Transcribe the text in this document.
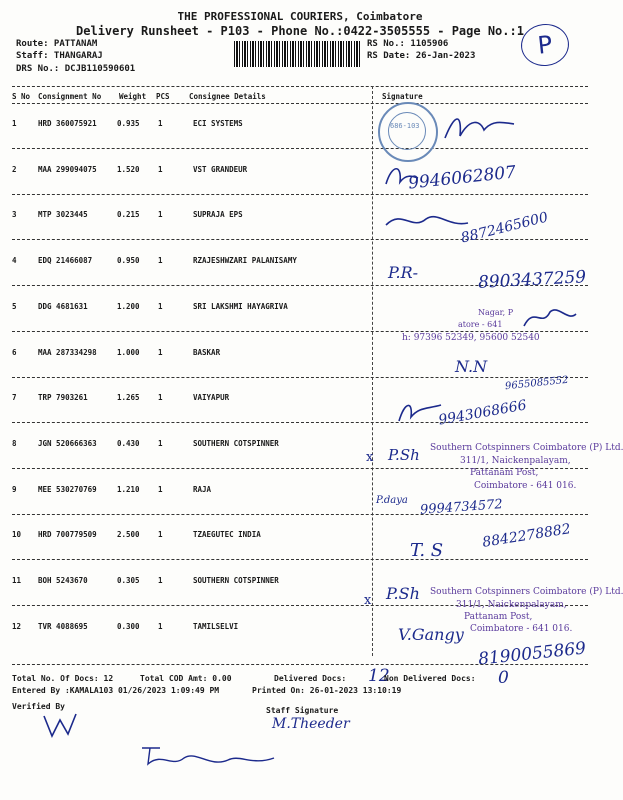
THE PROFESSIONAL COURIERS, Coimbatore
Delivery Runsheet - P103 - Phone No.:0422-3505555 - Page No.:1
Route: PATTANAM
Staff: THANGARAJ
DRS No.: DCJB110590601
RS No.: 1105906
RS Date: 26-Jan-2023	P
S No Consignment No Weight PCS	Consignee Details	Signature
1	HRD 360075921	0.935 1	ECI SYSTEMS
2	MAA 299094075	1.520 1	VST GRANDEUR
3	MTP 3023445	0.215 1	SUPRAJA EPS
4	EDQ 21466087	0.950 1	RZAJESHWZARI PALANISAMY
5	DDG 4681631	1.200 1	SRI LAKSHMI HAYAGRIVA
6	MAA 287334298	1.000 1	BASKAR
7	TRP 7903261	1.265 1	VAIYAPUR
8	JGN 520666363	0.430 1	SOUTHERN COTSPINNER
9	MEE 530270769	1.210 1	RAJA
10 HRD 700779509	2.500 1	TZAEGUTEC INDIA
11 BOH 5243670	0.305 1	SOUTHERN COTSPINNER
12 TVR 4088695	0.300 1	TAMILSELVI
686-103
9946062807
8872465600
P.R-	8903437259
Nagar, P
atore - 641
h: 97396 52349, 95600 52540
N.N
9655085552
9943068666
Southern Cotspinners Coimbatore (P) Ltd.
311/1, Naickenpalayam,
Pattanam Post,
Coimbatore - 641 016.
x P.Sh
P.daya 9994734572
T. S	8842278882
x P.Sh Southern Cotspinners Coimbatore (P) Ltd.
311/1, Naickenpalayam,
Pattanam Post,
Coimbatore - 641 016.
V.Gangy
8190055869
Total No. Of Docs: 12	Total COD Amt: 0.00	Delivered Docs: 12
Non Delivered Docs: 0
Entered By :KAMALA103 01/26/2023 1:09:49 PM	Printed On: 26-01-2023 13:10:19
Verified By	Staff Signature
M.Theeder
